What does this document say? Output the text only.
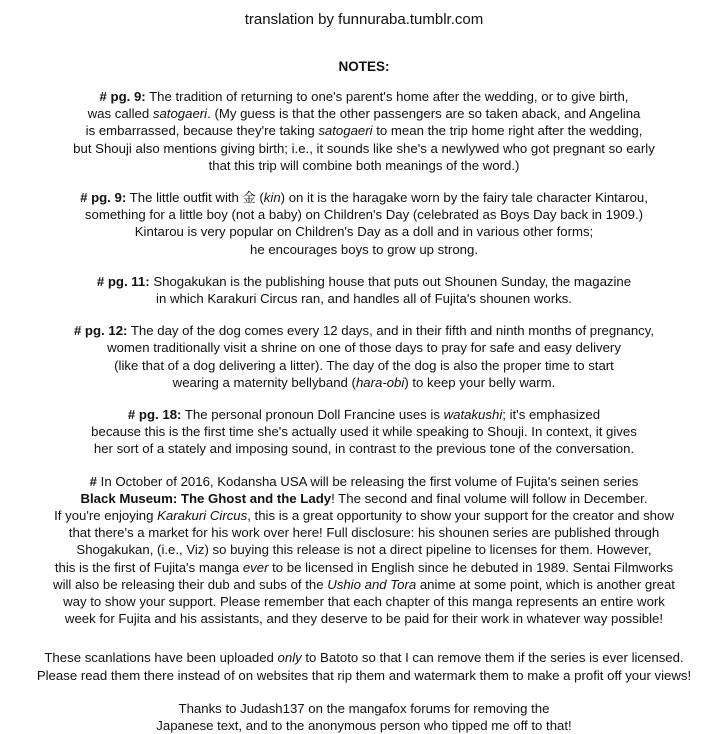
translation by funnuraba.tumblr.com

NOTES:

# pg. 9: The tradition of returning to one's parent's home after the wedding, or to give birth,
was called satogaeri. (My guess is that the other passengers are so taken aback, and Angelina
is embarrassed, because they're taking satogaeri to mean the trip home right after the wedding,
but Shouji also mentions giving birth; i.e., it sounds like she's a newlywed who got pregnant so early
that this trip will combine both meanings of the word.)

# pg. 9: The little outfit with 金 (kin) on it is the haragake worn by the fairy tale character Kintarou,
something for a little boy (not a baby) on Children's Day (celebrated as Boys Day back in 1909.)
Kintarou is very popular on Children's Day as a doll and in various other forms;
he encourages boys to grow up strong.

# pg. 11: Shogakukan is the publishing house that puts out Shounen Sunday, the magazine
in which Karakuri Circus ran, and handles all of Fujita's shounen works.

# pg. 12: The day of the dog comes every 12 days, and in their fifth and ninth months of pregnancy,
women traditionally visit a shrine on one of those days to pray for safe and easy delivery
(like that of a dog delivering a litter). The day of the dog is also the proper time to start
wearing a maternity bellyband (hara-obi) to keep your belly warm.

# pg. 18: The personal pronoun Doll Francine uses is watakushi; it's emphasized
because this is the first time she's actually used it while speaking to Shouji. In context, it gives
her sort of a stately and imposing sound, in contrast to the previous tone of the conversation.

# In October of 2016, Kodansha USA will be releasing the first volume of Fujita's seinen series
Black Museum: The Ghost and the Lady! The second and final volume will follow in December.
If you're enjoying Karakuri Circus, this is a great opportunity to show your support for the creator and show
that there's a market for his work over here! Full disclosure: his shounen series are published through
Shogakukan, (i.e., Viz) so buying this release is not a direct pipeline to licenses for them. However,
this is the first of Fujita's manga ever to be licensed in English since he debuted in 1989. Sentai Filmworks
will also be releasing their dub and subs of the Ushio and Tora anime at some point, which is another great
way to show your support. Please remember that each chapter of this manga represents an entire work
week for Fujita and his assistants, and they deserve to be paid for their work in whatever way possible!

These scanlations have been uploaded only to Batoto so that I can remove them if the series is ever licensed.
Please read them there instead of on websites that rip them and watermark them to make a profit off your views!

Thanks to Judash137 on the mangafox forums for removing the
Japanese text, and to the anonymous person who tipped me off to that!
